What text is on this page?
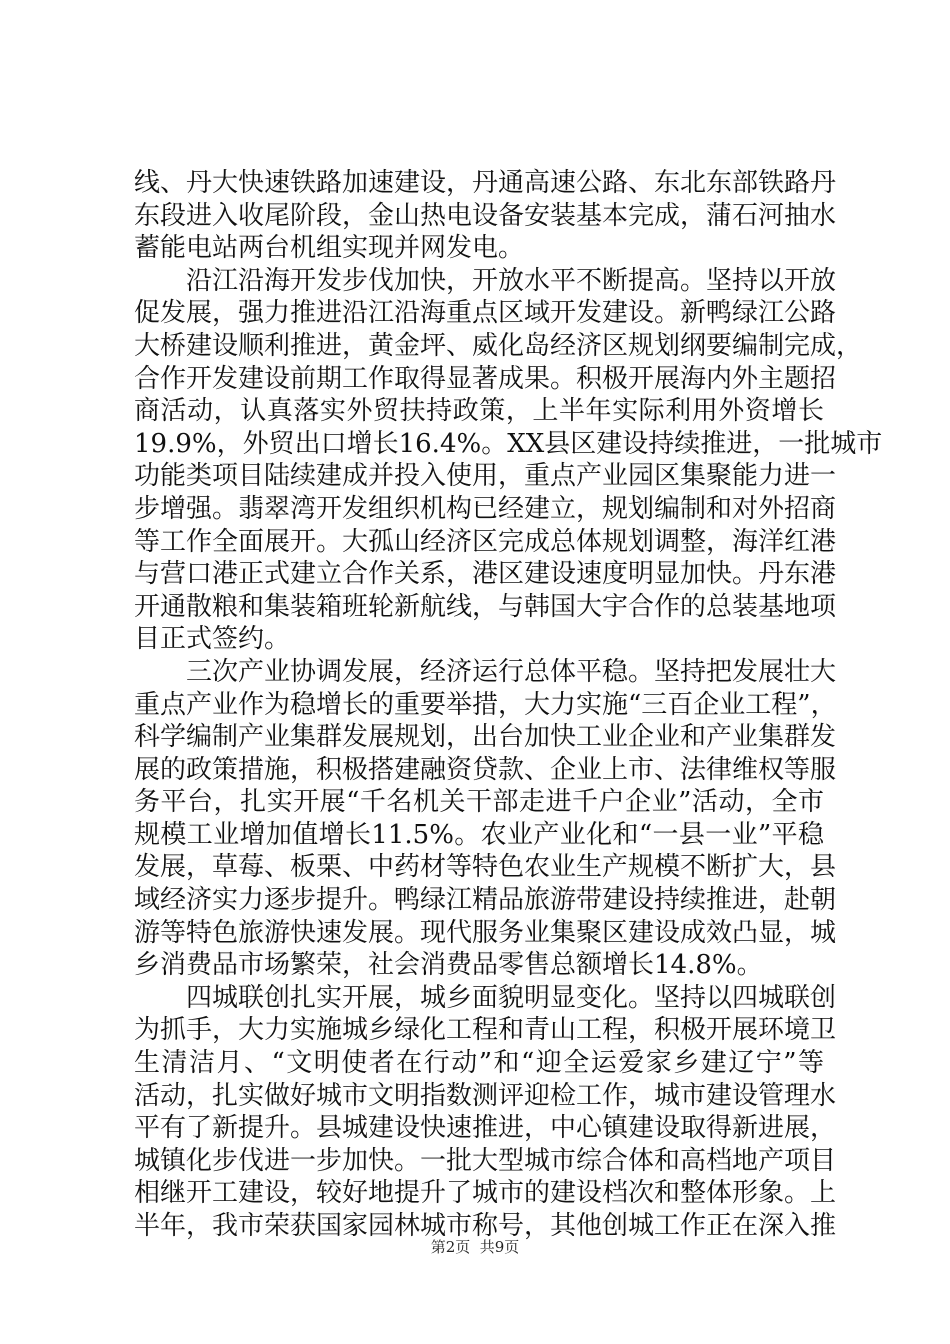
线、丹大快速铁路加速建设，丹通高速公路、东北东部铁路丹
东段进入收尾阶段，金山热电设备安装基本完成，蒲石河抽水
蓄能电站两台机组实现并网发电。
　　沿江沿海开发步伐加快，开放水平不断提高。坚持以开放
促发展，强力推进沿江沿海重点区域开发建设。新鸭绿江公路
大桥建设顺利推进，黄金坪、威化岛经济区规划纲要编制完成，
合作开发建设前期工作取得显著成果。积极开展海内外主题招
商活动，认真落实外贸扶持政策，上半年实际利用外资增长
19.9%，外贸出口增长16.4%。XX县区建设持续推进，一批城市
功能类项目陆续建成并投入使用，重点产业园区集聚能力进一
步增强。翡翠湾开发组织机构已经建立，规划编制和对外招商
等工作全面展开。大孤山经济区完成总体规划调整，海洋红港
与营口港正式建立合作关系，港区建设速度明显加快。丹东港
开通散粮和集装箱班轮新航线，与韩国大宇合作的总装基地项
目正式签约。
　　三次产业协调发展，经济运行总体平稳。坚持把发展壮大
重点产业作为稳增长的重要举措，大力实施“三百企业工程”，
科学编制产业集群发展规划，出台加快工业企业和产业集群发
展的政策措施，积极搭建融资贷款、企业上市、法律维权等服
务平台，扎实开展“千名机关干部走进千户企业”活动，全市
规模工业增加值增长11.5%。农业产业化和“一县一业”平稳
发展，草莓、板栗、中药材等特色农业生产规模不断扩大，县
域经济实力逐步提升。鸭绿江精品旅游带建设持续推进，赴朝
游等特色旅游快速发展。现代服务业集聚区建设成效凸显，城
乡消费品市场繁荣，社会消费品零售总额增长14.8%。
　　四城联创扎实开展，城乡面貌明显变化。坚持以四城联创
为抓手，大力实施城乡绿化工程和青山工程，积极开展环境卫
生清洁月、“文明使者在行动”和“迎全运爱家乡建辽宁”等
活动，扎实做好城市文明指数测评迎检工作，城市建设管理水
平有了新提升。县城建设快速推进，中心镇建设取得新进展，
城镇化步伐进一步加快。一批大型城市综合体和高档地产项目
相继开工建设，较好地提升了城市的建设档次和整体形象。上
半年，我市荣获国家园林城市称号，其他创城工作正在深入推
第2页  共9页
